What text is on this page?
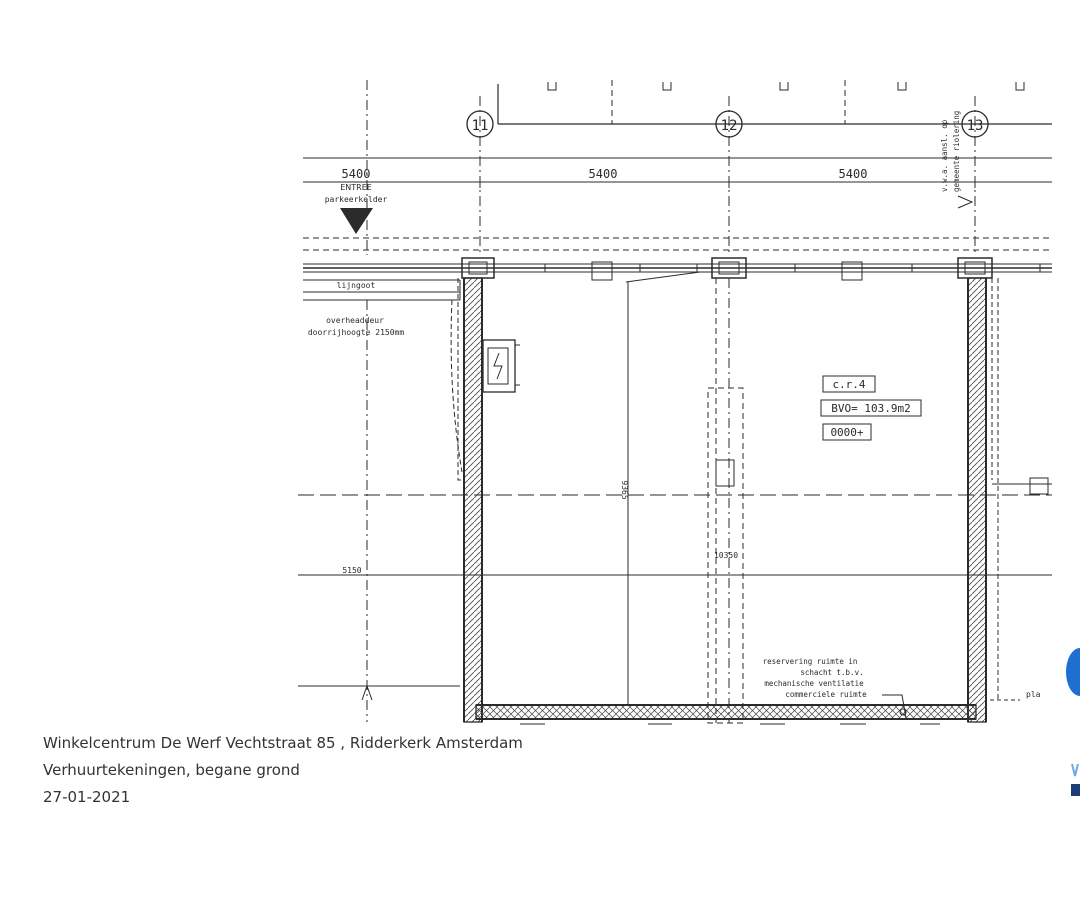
11	12	13
5400	5400	5400
ENTREE
parkeerkelder
lijngoot
overheaddeur
doorrijhoogte 2150mm
9365
10350
5150
c.r.4
BVO= 103.9m2
0000+
v.w.a. aansl. op gemeente riolering
reservering ruimte in
schacht t.b.v.
mechanische ventilatie
commerciele ruimte	pla
Winkelcentrum De Werf Vechtstraat 85 , Ridderkerk Amsterdam
Verhuurtekeningen, begane grond
27-01-2021
